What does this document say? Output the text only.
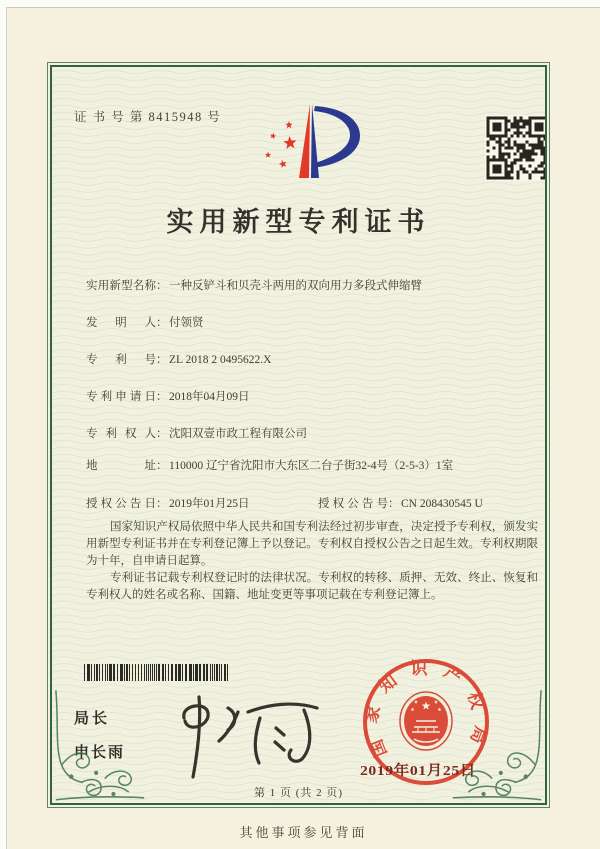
证 书 号 第 8415948 号
实用新型专利证书
实用新型名称 ： 一种反铲斗和贝壳斗两用的双向用力多段式伸缩臂
发明人 ： 付领贤
专利号 ： ZL 2018 2 0495622.X
专利申请日 ： 2018年04月09日
专利权人 ： 沈阳双壹市政工程有限公司
地址 ： 110000 辽宁省沈阳市大东区二台子街32-4号（2-5-3）1室
授权公告日 ： 2019年01月25日	授权公告号 ： CN 208430545 U

国家知识产权局依照中华人民共和国专利法经过初步审查，决定授予专利权，颁发实用新型专利证书并在专利登记簿上予以登记。专利权自授权公告之日起生效。专利权期限为十年，自申请日起算。

专利证书记载专利权登记时的法律状况。专利权的转移、质押、无效、终止、恢复和专利权人的姓名或名称、国籍、地址变更等事项记载在专利登记簿上。

局长
申长雨	国家知识产权局
2019年01月25日
第 1 页 (共 2 页)
其他事项参见背面
